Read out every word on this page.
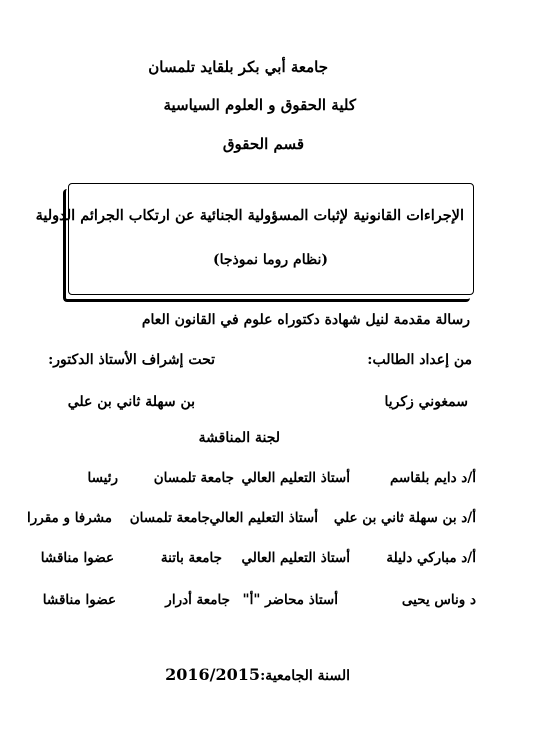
جامعة أبي بكر بلقايد تلمسان
كلية الحقوق و العلوم السياسية
قسم الحقوق
الإجراءات القانونية لإثبات المسؤولية الجنائية عن ارتكاب الجرائم الدولية
(نظام روما نموذجا)
رسالة مقدمة لنيل شهادة دكتوراه علوم في القانون العام
من إعداد الطالب:
تحت إشراف الأستاذ الدكتور:
سمغوني زكريا
بن سهلة ثاني بن علي
لجنة المناقشة
أ/د دايم بلقاسم
أستاذ التعليم العالي
جامعة تلمسان
رئيسا
أ/د بن سهلة ثاني بن علي
أستاذ التعليم العالي
جامعة تلمسان
مشرفا و مقررا
أ/د مباركي دليلة
أستاذ التعليم العالي
جامعة باتنة
عضوا مناقشا
د وناس يحيى
أستاذ محاضر "أ"
جامعة أدرار
عضوا مناقشا
السنة الجامعية:
2016/2015
